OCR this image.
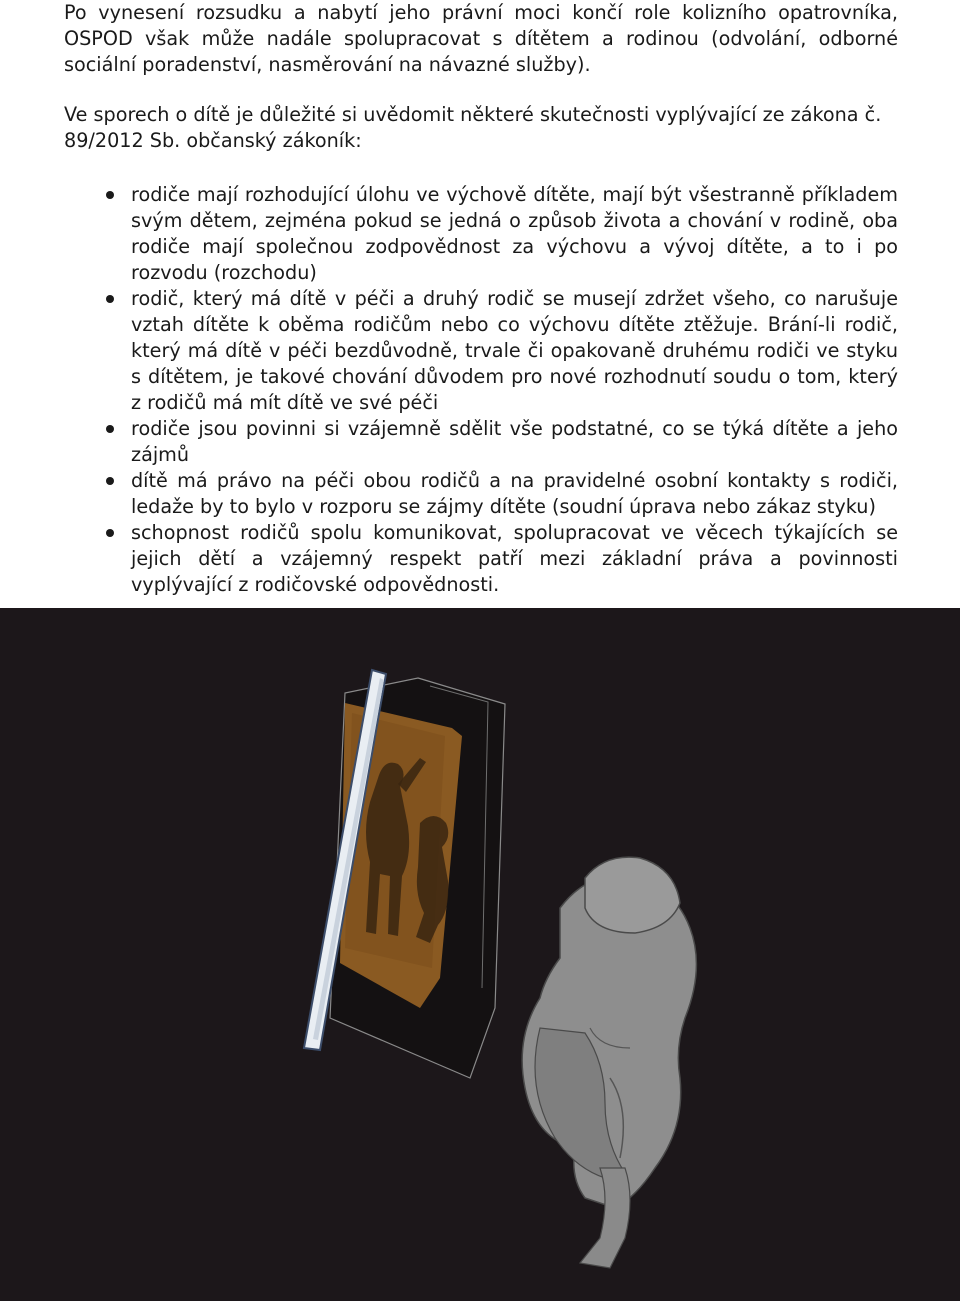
Po vynesení rozsudku a nabytí jeho právní moci končí role kolizního opatrovníka, OSPOD však může nadále spolupracovat s dítětem a rodinou (odvolání, odborné sociální poradenství, nasměrování na návazné služby).

Ve sporech o dítě je důležité si uvědomit některé skutečnosti vyplývající ze zákona č. 89/2012 Sb. občanský zákoník:

rodiče mají rozhodující úlohu ve výchově dítěte, mají být všestranně příkladem svým dětem, zejména pokud se jedná o způsob života a chování v rodině, oba rodiče mají společnou zodpovědnost za výchovu a vývoj dítěte, a to i po rozvodu (rozchodu)
rodič, který má dítě v péči a druhý rodič se musejí zdržet všeho, co narušuje vztah dítěte k oběma rodičům nebo co výchovu dítěte ztěžuje. Brání-li rodič, který má dítě v péči bezdůvodně, trvale či opakovaně druhému rodiči ve styku s dítětem, je takové chování důvodem pro nové rozhodnutí soudu o tom, který z rodičů má mít dítě ve své péči
rodiče jsou povinni si vzájemně sdělit vše podstatné, co se týká dítěte a jeho zájmů
dítě má právo na péči obou rodičů a na pravidelné osobní kontakty s rodiči, ledaže by to bylo v rozporu se zájmy dítěte (soudní úprava nebo zákaz styku)
schopnost rodičů spolu komunikovat, spolupracovat ve věcech týkajících se jejich dětí a vzájemný respekt patří mezi základní práva a povinnosti vyplývající z rodičovské odpovědnosti.
